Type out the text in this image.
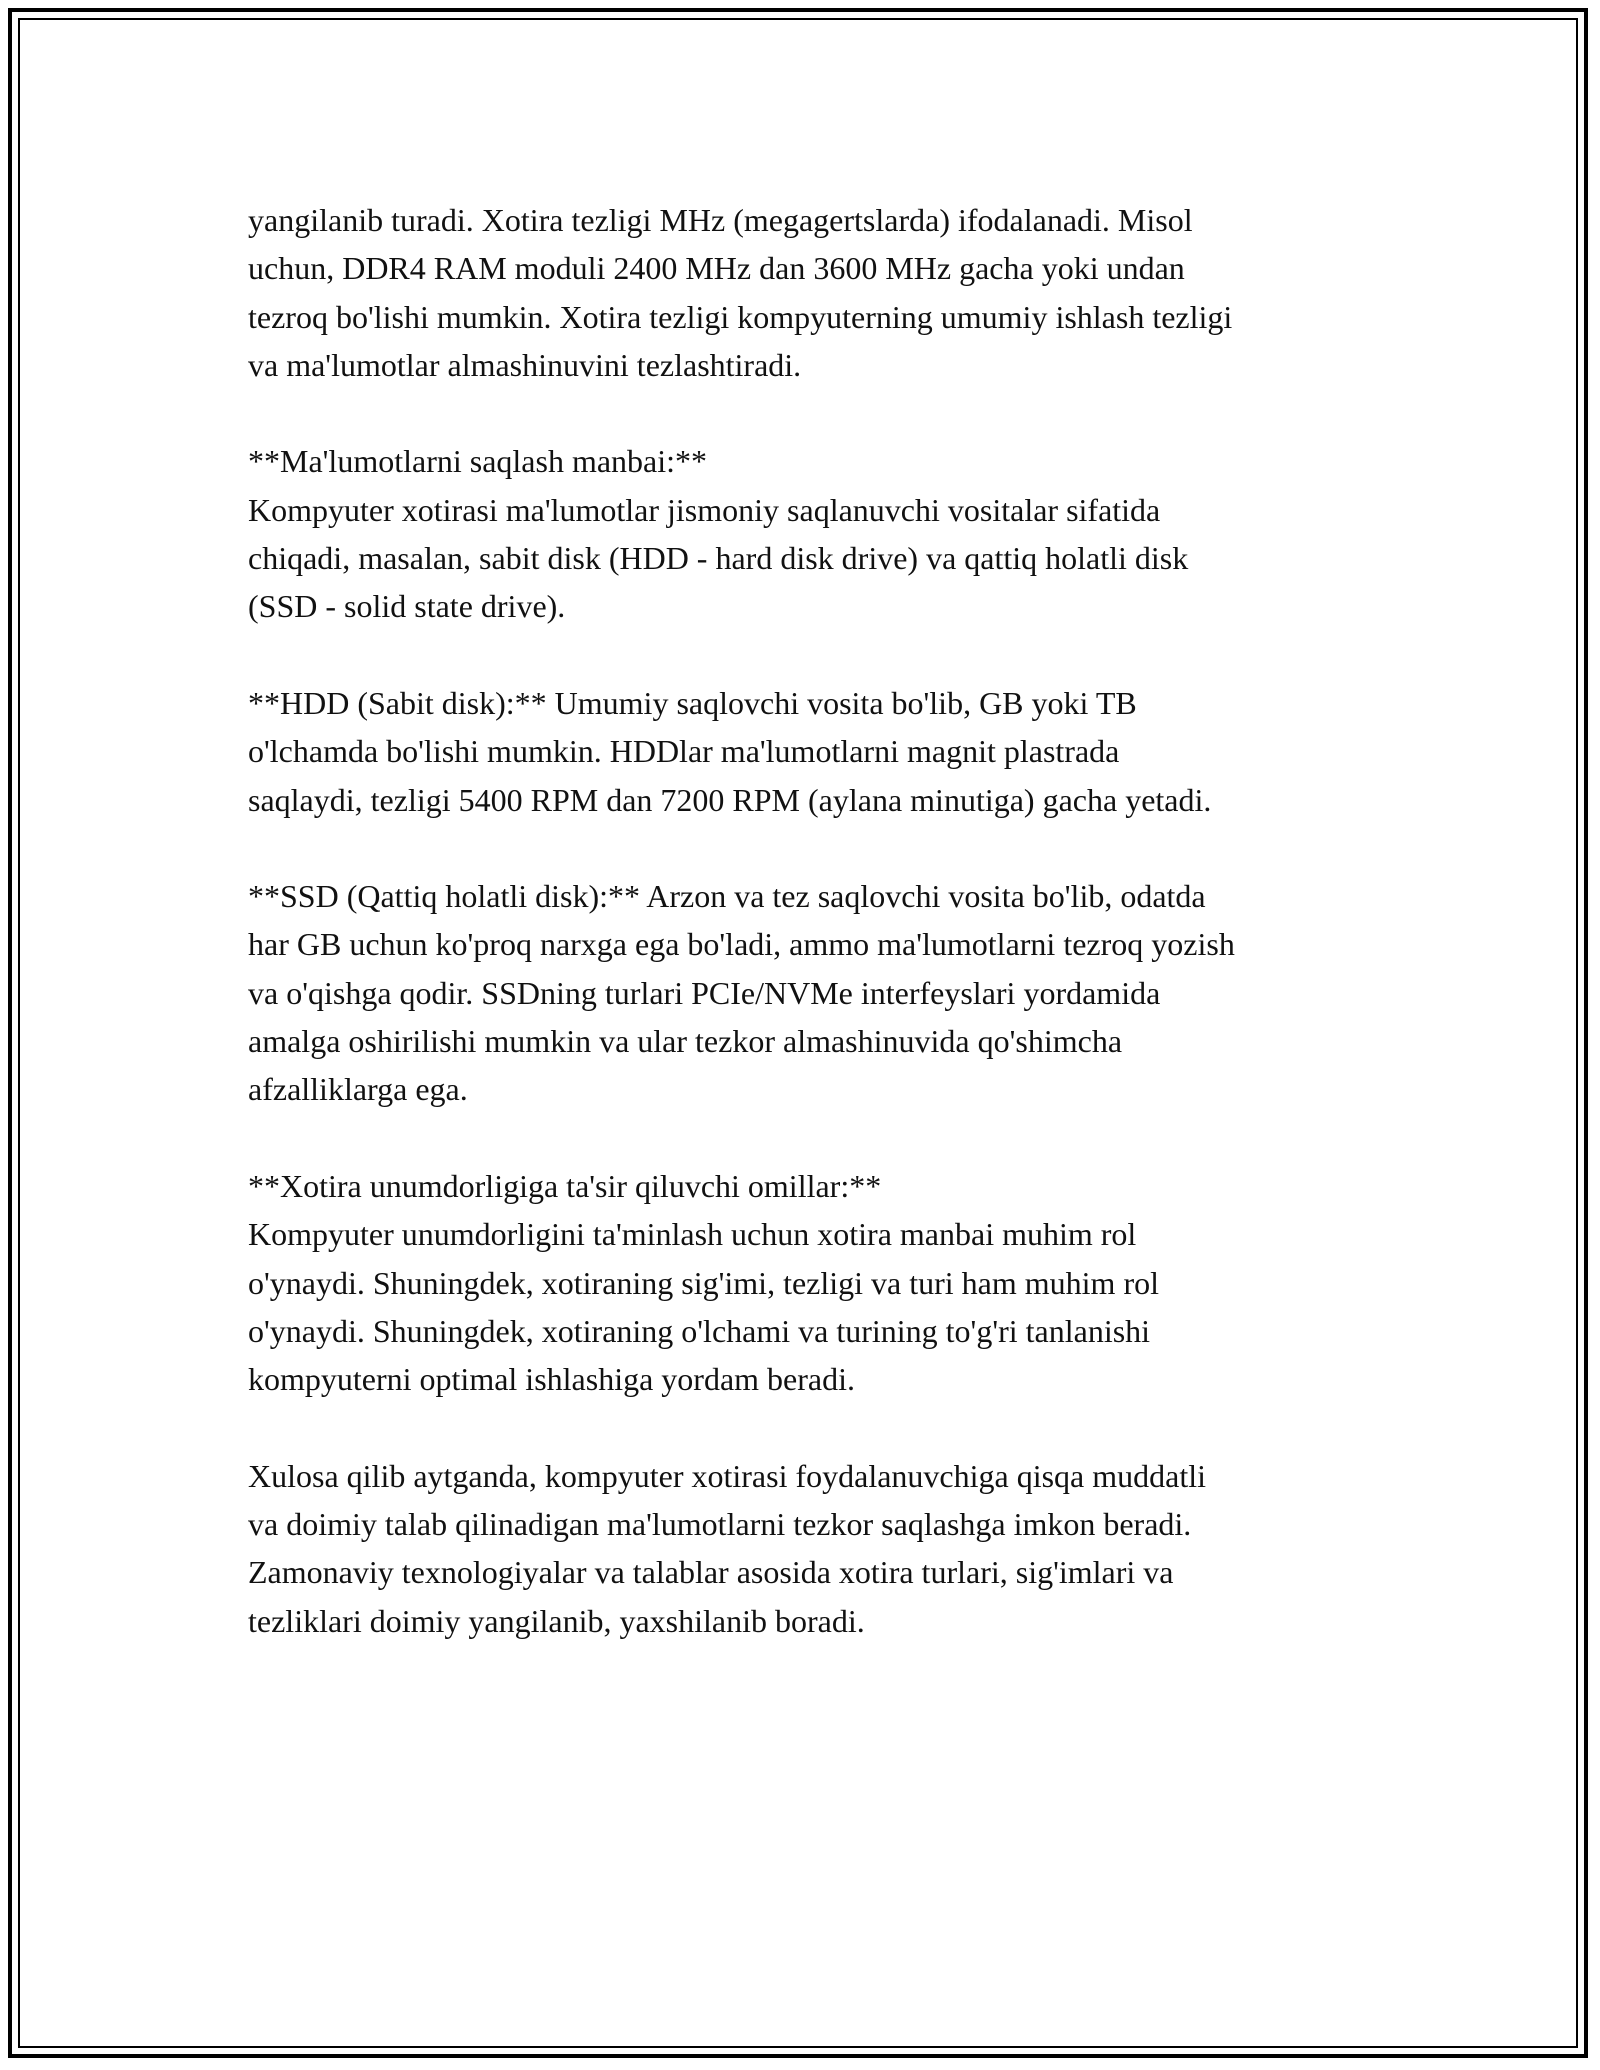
yangilanib turadi. Xotira tezligi MHz (megagertslarda) ifodalanadi. Misol
uchun, DDR4 RAM moduli 2400 MHz dan 3600 MHz gacha yoki undan
tezroq bo'lishi mumkin. Xotira tezligi kompyuterning umumiy ishlash tezligi
va ma'lumotlar almashinuvini tezlashtiradi.

**Ma'lumotlarni saqlash manbai:**
Kompyuter xotirasi ma'lumotlar jismoniy saqlanuvchi vositalar sifatida
chiqadi, masalan, sabit disk (HDD - hard disk drive) va qattiq holatli disk
(SSD - solid state drive).

**HDD (Sabit disk):** Umumiy saqlovchi vosita bo'lib, GB yoki TB
o'lchamda bo'lishi mumkin. HDDlar ma'lumotlarni magnit plastrada
saqlaydi, tezligi 5400 RPM dan 7200 RPM (aylana minutiga) gacha yetadi.

**SSD (Qattiq holatli disk):** Arzon va tez saqlovchi vosita bo'lib, odatda
har GB uchun ko'proq narxga ega bo'ladi, ammo ma'lumotlarni tezroq yozish
va o'qishga qodir. SSDning turlari PCIe/NVMe interfeyslari yordamida
amalga oshirilishi mumkin va ular tezkor almashinuvida qo'shimcha
afzalliklarga ega.

**Xotira unumdorligiga ta'sir qiluvchi omillar:**
Kompyuter unumdorligini ta'minlash uchun xotira manbai muhim rol
o'ynaydi. Shuningdek, xotiraning sig'imi, tezligi va turi ham muhim rol
o'ynaydi. Shuningdek, xotiraning o'lchami va turining to'g'ri tanlanishi
kompyuterni optimal ishlashiga yordam beradi.

Xulosa qilib aytganda, kompyuter xotirasi foydalanuvchiga qisqa muddatli
va doimiy talab qilinadigan ma'lumotlarni tezkor saqlashga imkon beradi.
Zamonaviy texnologiyalar va talablar asosida xotira turlari, sig'imlari va
tezliklari doimiy yangilanib, yaxshilanib boradi.
